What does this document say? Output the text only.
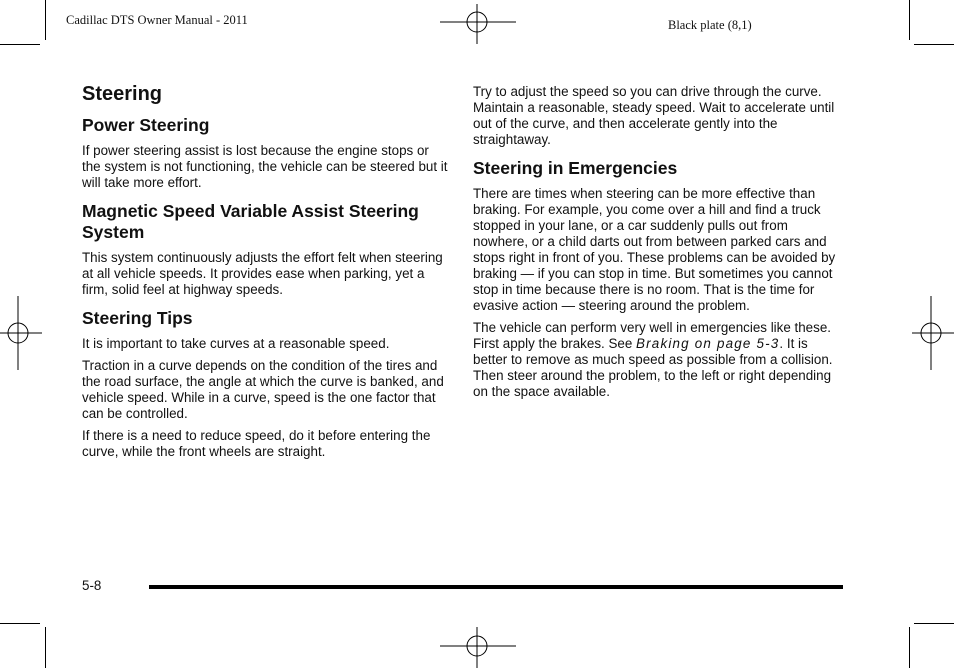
Cadillac DTS Owner Manual - 2011	Black plate (8,1)
Steering
Power Steering

If power steering assist is lost because the engine stops or the system is not functioning, the vehicle can be steered but it will take more effort.

Magnetic Speed Variable Assist Steering System

This system continuously adjusts the effort felt when steering at all vehicle speeds. It provides ease when parking, yet a firm, solid feel at highway speeds.

Steering Tips

It is important to take curves at a reasonable speed.

Traction in a curve depends on the condition of the tires and the road surface, the angle at which the curve is banked, and vehicle speed. While in a curve, speed is the one factor that can be controlled.

If there is a need to reduce speed, do it before entering the curve, while the front wheels are straight.

Try to adjust the speed so you can drive through the curve. Maintain a reasonable, steady speed. Wait to accelerate until out of the curve, and then accelerate gently into the straightaway.

Steering in Emergencies

There are times when steering can be more effective than braking. For example, you come over a hill and find a truck stopped in your lane, or a car suddenly pulls out from nowhere, or a child darts out from between parked cars and stops right in front of you. These problems can be avoided by braking — if you can stop in time. But sometimes you cannot stop in time because there is no room. That is the time for evasive action — steering around the problem.

The vehicle can perform very well in emergencies like these. First apply the brakes. See Braking on page 5-3. It is better to remove as much speed as possible from a collision. Then steer around the problem, to the left or right depending on the space available.

5-8
